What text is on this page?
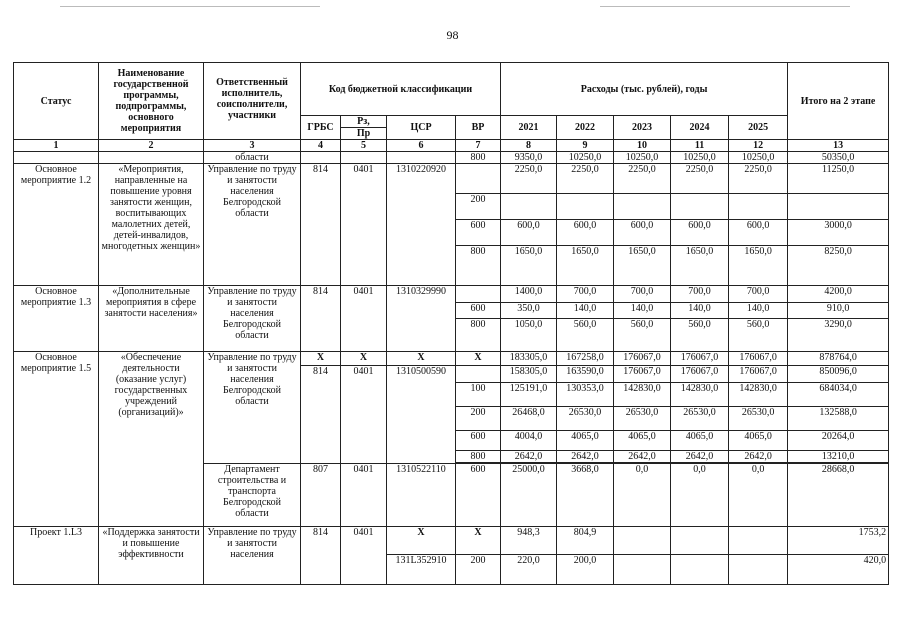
98
Статус	Наименование государственной программы, подпрограммы, основного мероприятия	Ответственный исполнитель, соисполнители, участники	Код бюджетной классификации				Расходы (тыс. рублей), годы					Итого на 2 этапе
			ГРБС	Рз,
Пр	ЦСР	ВР	2021	2022	2023	2024	2025	
1	2	3	4	5	6	7	8	9	10	11	12	13
		области				800	9350,0	10250,0	10250,0	10250,0	10250,0	50350,0
Основное мероприятие 1.2	«Мероприятия, направленные на повышение уровня занятости женщин, воспитывающих малолетних детей, детей-инвалидов, многодетных женщин»	Управление по труду и занятости населения Белгородской области	814	0401	1310220920		2250,0	2250,0	2250,0	2250,0	2250,0	11250,0
						200						
						600	600,0	600,0	600,0	600,0	600,0	3000,0
						800	1650,0	1650,0	1650,0	1650,0	1650,0	8250,0
Основное мероприятие 1.3	«Дополнительные мероприятия в сфере занятости населения»	Управление по труду и занятости населения Белгородской области	814	0401	1310329990		1400,0	700,0	700,0	700,0	700,0	4200,0
						600	350,0	140,0	140,0	140,0	140,0	910,0
						800	1050,0	560,0	560,0	560,0	560,0	3290,0
Основное мероприятие 1.5	«Обеспечение деятельности (оказание услуг) государственных учреждений (организаций)»	Управление по труду и занятости населения Белгородской области	Х	Х	Х	Х	183305,0	167258,0	176067,0	176067,0	176067,0	878764,0
			814	0401	1310500590		158305,0	163590,0	176067,0	176067,0	176067,0	850096,0
						100	125191,0	130353,0	142830,0	142830,0	142830,0	684034,0
						200	26468,0	26530,0	26530,0	26530,0	26530,0	132588,0
						600	4004,0	4065,0	4065,0	4065,0	4065,0	20264,0
						800	2642,0	2642,0	2642,0	2642,0	2642,0	13210,0

		Департамент строительства и транспорта Белгородской области	807	0401	1310522110	600	25000,0	3668,0	0,0	0,0	0,0	28668,0
Проект 1.L3	«Поддержка занятости и повышение эффективности	Управление по труду и занятости населения	814	0401	Х	Х	948,3	804,9				1753,2
					131L352910	200	220,0	200,0				420,0
